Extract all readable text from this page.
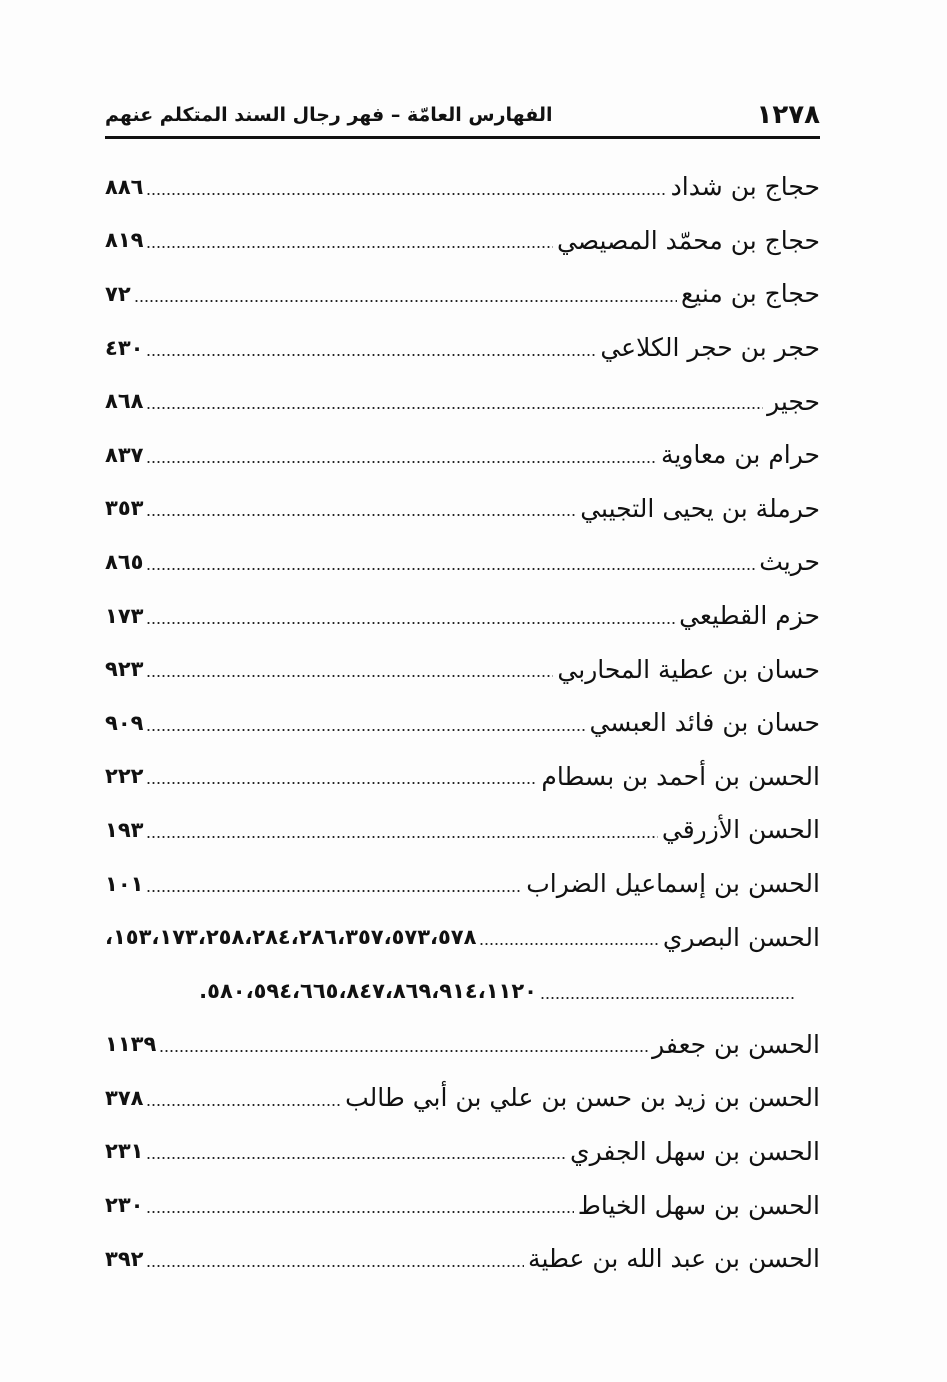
١٢٧٨
الفهارس العامّة – فهر رجال السند المتكلم عنهم
حجاج بن شداد
٨٨٦
حجاج بن محمّد المصيصي
٨١٩
حجاج بن منيع
٧٢
حجر بن حجر الكلاعي
٤٣٠
حجير
٨٦٨
حرام بن معاوية
٨٣٧
حرملة بن يحيى التجيبي
٣٥٣
حريث
٨٦٥
حزم القطيعي
١٧٣
حسان بن عطية المحاربي
٩٢٣
حسان بن فائد العبسي
٩٠٩
الحسن بن أحمد بن بسطام
٢٢٢
الحسن الأزرقي
١٩٣
الحسن بن إسماعيل الضراب
١٠١
الحسن البصري
١٥٣،١٧٣،٢٥٨،٢٨٤،٢٨٦،٣٥٧،٥٧٣،٥٧٨،
٥٨٠،٥٩٤،٦٦٥،٨٤٧،٨٦٩،٩١٤،١١٢٠.
الحسن بن جعفر
١١٣٩
الحسن بن زيد بن حسن بن علي بن أبي طالب
٣٧٨
الحسن بن سهل الجفري
٢٣١
الحسن بن سهل الخياط
٢٣٠
الحسن بن عبد الله بن عطية
٣٩٢
